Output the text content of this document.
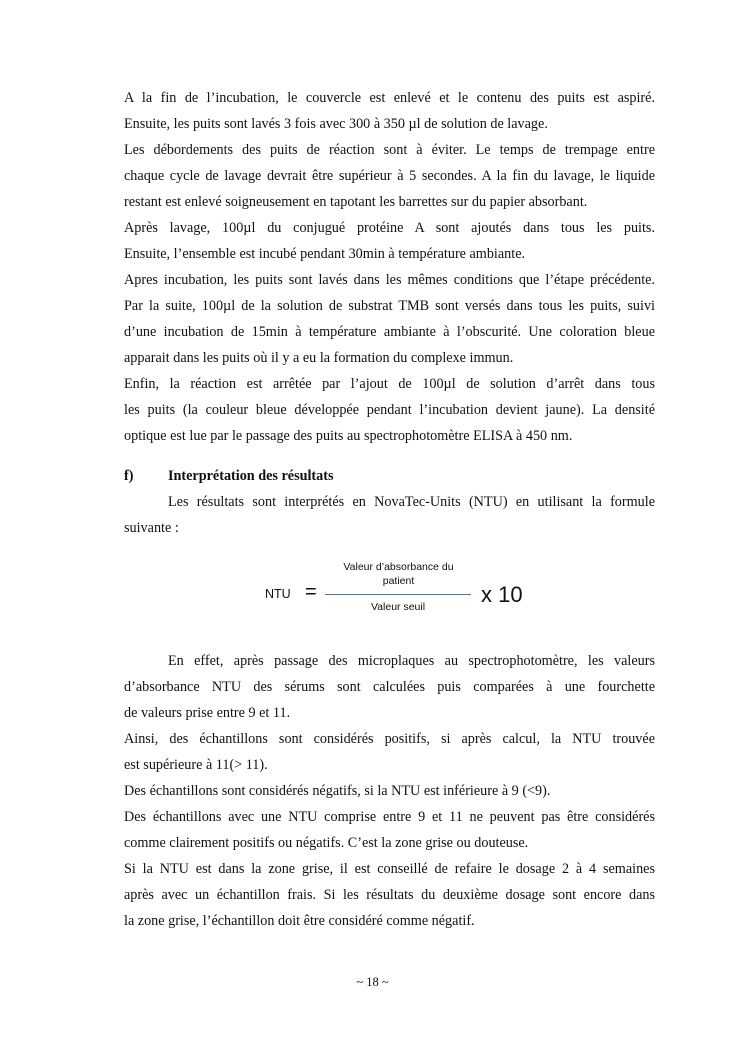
A la fin de l’incubation, le couvercle est enlevé et le contenu des puits est aspiré.
Ensuite, les puits sont lavés 3 fois avec 300 à 350 µl de solution de lavage.
Les débordements des puits de réaction sont à éviter. Le temps de trempage entre
chaque cycle de lavage devrait être supérieur à 5 secondes. A la fin du lavage, le liquide
restant est enlevé soigneusement en tapotant les barrettes sur du papier absorbant.
Après lavage, 100µl du conjugué protéine A sont ajoutés dans tous les puits.
Ensuite, l’ensemble est incubé pendant 30min à température ambiante.
Apres incubation, les puits sont lavés dans les mêmes conditions que l’étape précédente.
Par la suite, 100µl de la solution de substrat TMB sont versés dans tous les puits, suivi
d’une incubation de 15min à température ambiante à l’obscurité. Une coloration bleue
apparait dans les puits où il y a eu la formation du complexe immun.
Enfin, la réaction est arrêtée par l’ajout de 100µl de solution d’arrêt dans tous
les puits (la couleur bleue développée pendant l’incubation devient jaune). La densité
optique est lue par le passage des puits au spectrophotomètre ELISA à 450 nm.
f) Interprétation des résultats
Les résultats sont interprétés en NovaTec-Units (NTU) en utilisant la formule
suivante :
NTU =
Valeur d’absorbance du patient
Valeur seuil	x 10
En effet, après passage des microplaques au spectrophotomètre, les valeurs
d’absorbance NTU des sérums sont calculées puis comparées à une fourchette
de valeurs prise entre 9 et 11.
Ainsi, des échantillons sont considérés positifs, si après calcul, la NTU trouvée
est supérieure à 11(> 11).
Des échantillons sont considérés négatifs, si la NTU est inférieure à 9 (<9).
Des échantillons avec une NTU comprise entre 9 et 11 ne peuvent pas être considérés
comme clairement positifs ou négatifs. C’est la zone grise ou douteuse.
Si la NTU est dans la zone grise, il est conseillé de refaire le dosage 2 à 4 semaines
après avec un échantillon frais. Si les résultats du deuxième dosage sont encore dans
la zone grise, l’échantillon doit être considéré comme négatif.
~ 18 ~
